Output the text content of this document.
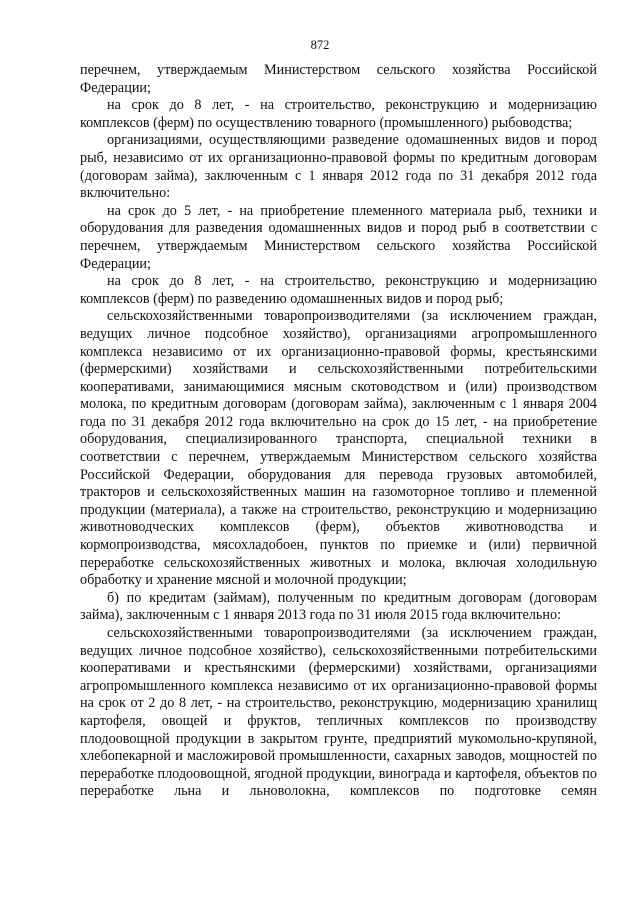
872

перечнем, утверждаемым Министерством сельского хозяйства Российской Федерации;

на срок до 8 лет, - на строительство, реконструкцию и модернизацию комплексов (ферм) по осуществлению товарного (промышленного) рыбоводства;

организациями, осуществляющими разведение одомашненных видов и пород рыб, независимо от их организационно-правовой формы по кредитным договорам (договорам займа), заключенным с 1 января 2012 года по 31 декабря 2012 года включительно:

на срок до 5 лет, - на приобретение племенного материала рыб, техники и оборудования для разведения одомашненных видов и пород рыб в соответствии с перечнем, утверждаемым Министерством сельского хозяйства Российской Федерации;

на срок до 8 лет, - на строительство, реконструкцию и модернизацию комплексов (ферм) по разведению одомашненных видов и пород рыб;

сельскохозяйственными товаропроизводителями (за исключением граждан, ведущих личное подсобное хозяйство), организациями агропромышленного комплекса независимо от их организационно-правовой формы, крестьянскими (фермерскими) хозяйствами и сельскохозяйственными потребительскими кооперативами, занимающимися мясным скотоводством и (или) производством молока, по кредитным договорам (договорам займа), заключенным с 1 января 2004 года по 31 декабря 2012 года включительно на срок до 15 лет, - на приобретение оборудования, специализированного транспорта, специальной техники в соответствии с перечнем, утверждаемым Министерством сельского хозяйства Российской Федерации, оборудования для перевода грузовых автомобилей, тракторов и сельскохозяйственных машин на газомоторное топливо и племенной продукции (материала), а также на строительство, реконструкцию и модернизацию животноводческих комплексов (ферм), объектов животноводства и кормопроизводства, мясохладобоен, пунктов по приемке и (или) первичной переработке сельскохозяйственных животных и молока, включая холодильную обработку и хранение мясной и молочной продукции;

б) по кредитам (займам), полученным по кредитным договорам (договорам займа), заключенным с 1 января 2013 года по 31 июля 2015 года включительно:

сельскохозяйственными товаропроизводителями (за исключением граждан, ведущих личное подсобное хозяйство), сельскохозяйственными потребительскими кооперативами и крестьянскими (фермерскими) хозяйствами, организациями агропромышленного комплекса независимо от их организационно-правовой формы на срок от 2 до 8 лет, - на строительство, реконструкцию, модернизацию хранилищ картофеля, овощей и фруктов, тепличных комплексов по производству плодоовощной продукции в закрытом грунте, предприятий мукомольно-крупяной, хлебопекарной и масложировой промышленности, сахарных заводов, мощностей по переработке плодоовощной, ягодной продукции, винограда и картофеля, объектов по переработке льна и льноволокна, комплексов по подготовке семян
